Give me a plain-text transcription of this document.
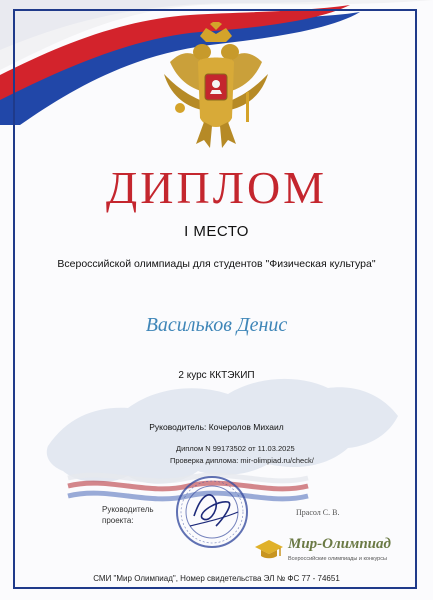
ДИПЛОМ
I МЕСТО
Всероссийской олимпиады для студентов "Физическая культура"
Васильков Денис
2 курс ККТЭКИП
Руководитель: Кочеролов Михаил
Диплом N 99173502 от 11.03.2025
Проверка диплома: mir-olimpiad.ru/check/
Руководитель
проекта:
Прасол С. В.
Мир-Олимпиад
Всероссийские олимпиады и конкурсы
СМИ "Мир Олимпиад", Номер свидетельства ЭЛ № ФС 77 - 74651
